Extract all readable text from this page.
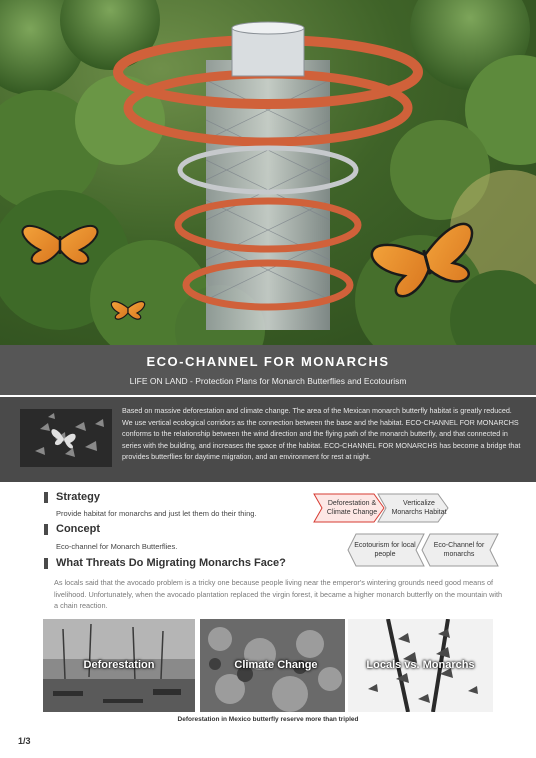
ECO-CHANNEL FOR MONARCHS
LIFE ON LAND - Protection Plans for Monarch Butterflies and Ecotourism
Based on massive deforestation and climate change. The area of the Mexican monarch butterfly habitat is greatly reduced. We use vertical ecological corridors as the connection between the base and the habitat. ECO-CHANNEL FOR MONARCHS conforms to the relationship between the wind direction and the flying path of the monarch butterfly, and that connected in series with the building, and increases the space of the habitat. ECO-CHANNEL FOR MONARCHS has become a bridge that provides butterflies for daytime migration, and an environment for rest at night.
Strategy
Provide habitat for monarchs and just let them do their thing.
Concept
Eco-channel for Monarch Butterflies.
Deforestation & Climate Change
Verticalize Monarchs Habitat
Ecotourism for local people
Eco-Channel for monarchs
What Threats Do Migrating Monarchs Face?
As locals said that the avocado problem is a tricky one because people living near the emperor's wintering grounds need good means of livelihood. Unfortunately, when the avocado plantation replaced the virgin forest, it became a higher monarch butterfly on the mountain with a chain reaction.
Deforestation	Climate Change	Locals vs. Monarchs
Deforestation in Mexico butterfly reserve more than tripled
1/3
